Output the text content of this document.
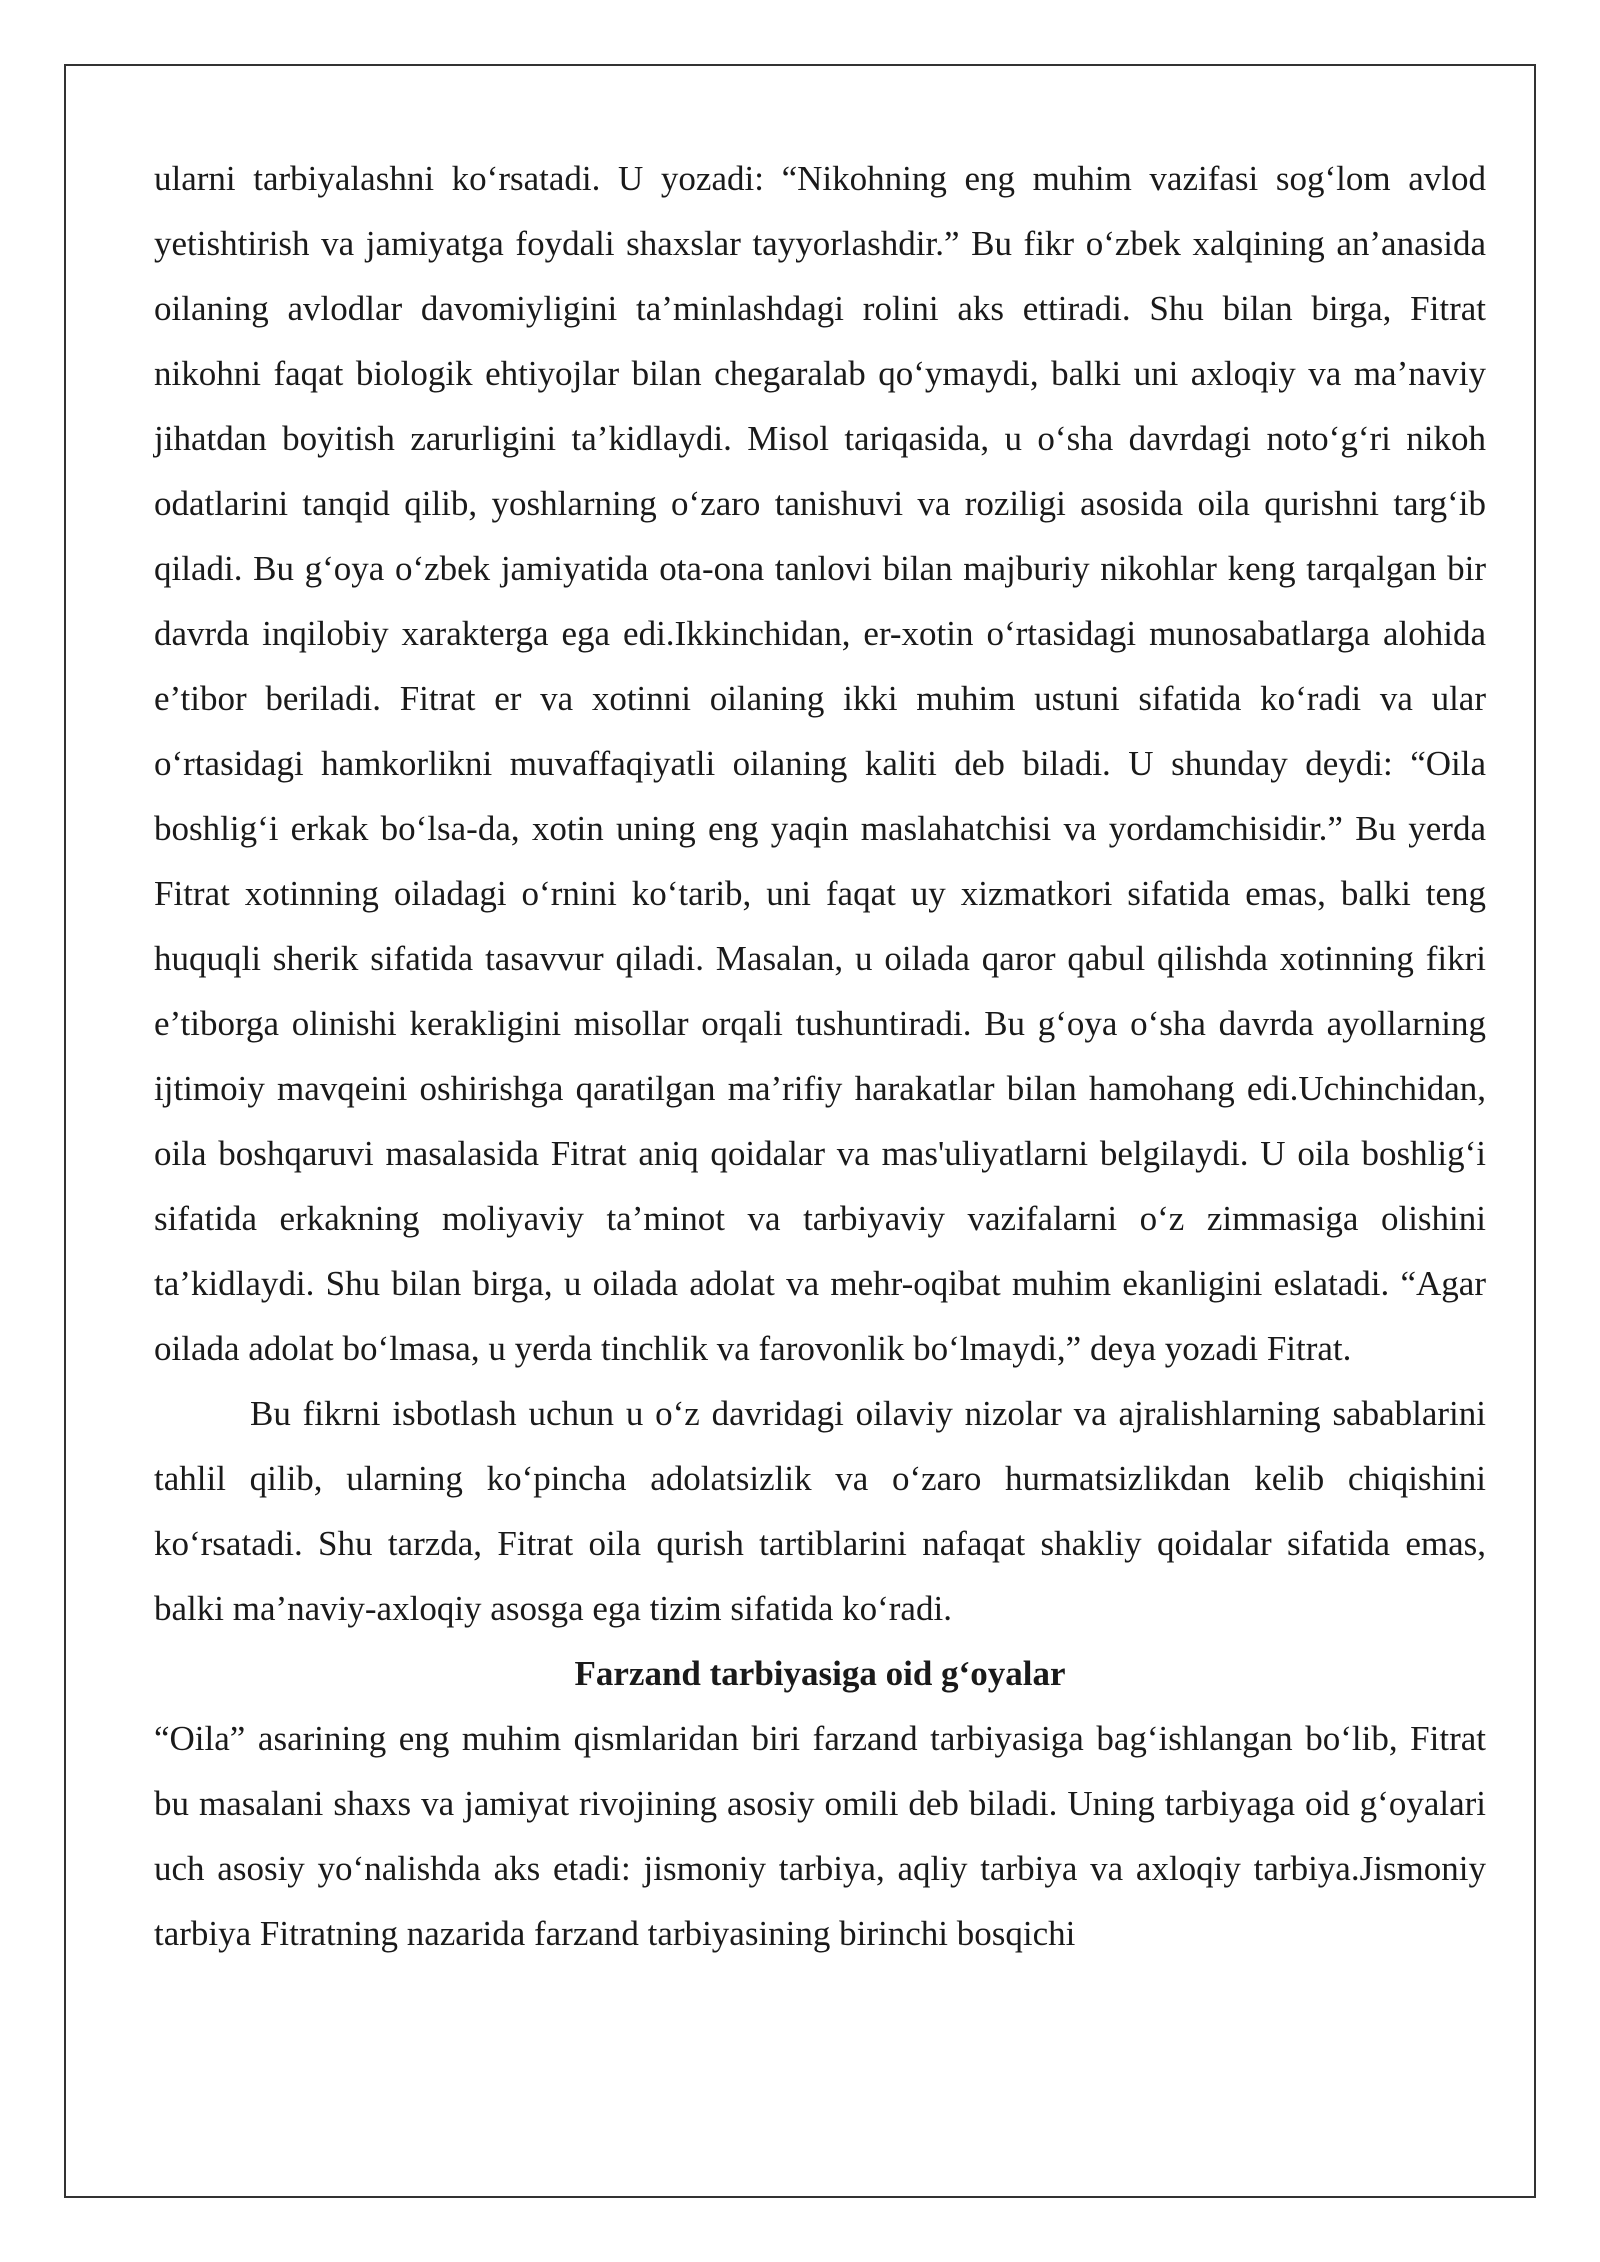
ularni tarbiyalashni ko‘rsatadi. U yozadi: “Nikohning eng muhim vazifasi sog‘lom avlod yetishtirish va jamiyatga foydali shaxslar tayyorlashdir.” Bu fikr o‘zbek xalqining an’anasida oilaning avlodlar davomiyligini ta’minlashdagi rolini aks ettiradi. Shu bilan birga, Fitrat nikohni faqat biologik ehtiyojlar bilan chegaralab qo‘ymaydi, balki uni axloqiy va ma’naviy jihatdan boyitish zarurligini ta’kidlaydi. Misol tariqasida, u o‘sha davrdagi noto‘g‘ri nikoh odatlarini tanqid qilib, yoshlarning o‘zaro tanishuvi va roziligi asosida oila qurishni targ‘ib qiladi. Bu g‘oya o‘zbek jamiyatida ota-ona tanlovi bilan majburiy nikohlar keng tarqalgan bir davrda inqilobiy xarakterga ega edi.Ikkinchidan, er-xotin o‘rtasidagi munosabatlarga alohida e’tibor beriladi. Fitrat er va xotinni oilaning ikki muhim ustuni sifatida ko‘radi va ular o‘rtasidagi hamkorlikni muvaffaqiyatli oilaning kaliti deb biladi. U shunday deydi: “Oila boshlig‘i erkak bo‘lsa-da, xotin uning eng yaqin maslahatchisi va yordamchisidir.” Bu yerda Fitrat xotinning oiladagi o‘rnini ko‘tarib, uni faqat uy xizmatkori sifatida emas, balki teng huquqli sherik sifatida tasavvur qiladi. Masalan, u oilada qaror qabul qilishda xotinning fikri e’tiborga olinishi kerakligini misollar orqali tushuntiradi. Bu g‘oya o‘sha davrda ayollarning ijtimoiy mavqeini oshirishga qaratilgan ma’rifiy harakatlar bilan hamohang edi.Uchinchidan, oila boshqaruvi masalasida Fitrat aniq qoidalar va mas'uliyatlarni belgilaydi. U oila boshlig‘i sifatida erkakning moliyaviy ta’minot va tarbiyaviy vazifalarni o‘z zimmasiga olishini ta’kidlaydi. Shu bilan birga, u oilada adolat va mehr-oqibat muhim ekanligini eslatadi. “Agar oilada adolat bo‘lmasa, u yerda tinchlik va farovonlik bo‘lmaydi,” deya yozadi Fitrat.

Bu fikrni isbotlash uchun u o‘z davridagi oilaviy nizolar va ajralishlarning sabablarini tahlil qilib, ularning ko‘pincha adolatsizlik va o‘zaro hurmatsizlikdan kelib chiqishini ko‘rsatadi. Shu tarzda, Fitrat oila qurish tartiblarini nafaqat shakliy qoidalar sifatida emas, balki ma’naviy-axloqiy asosga ega tizim sifatida ko‘radi.

Farzand tarbiyasiga oid g‘oyalar

“Oila” asarining eng muhim qismlaridan biri farzand tarbiyasiga bag‘ishlangan bo‘lib, Fitrat bu masalani shaxs va jamiyat rivojining asosiy omili deb biladi. Uning tarbiyaga oid g‘oyalari uch asosiy yo‘nalishda aks etadi: jismoniy tarbiya, aqliy tarbiya va axloqiy tarbiya.Jismoniy tarbiya Fitratning nazarida farzand tarbiyasining birinchi bosqichi
